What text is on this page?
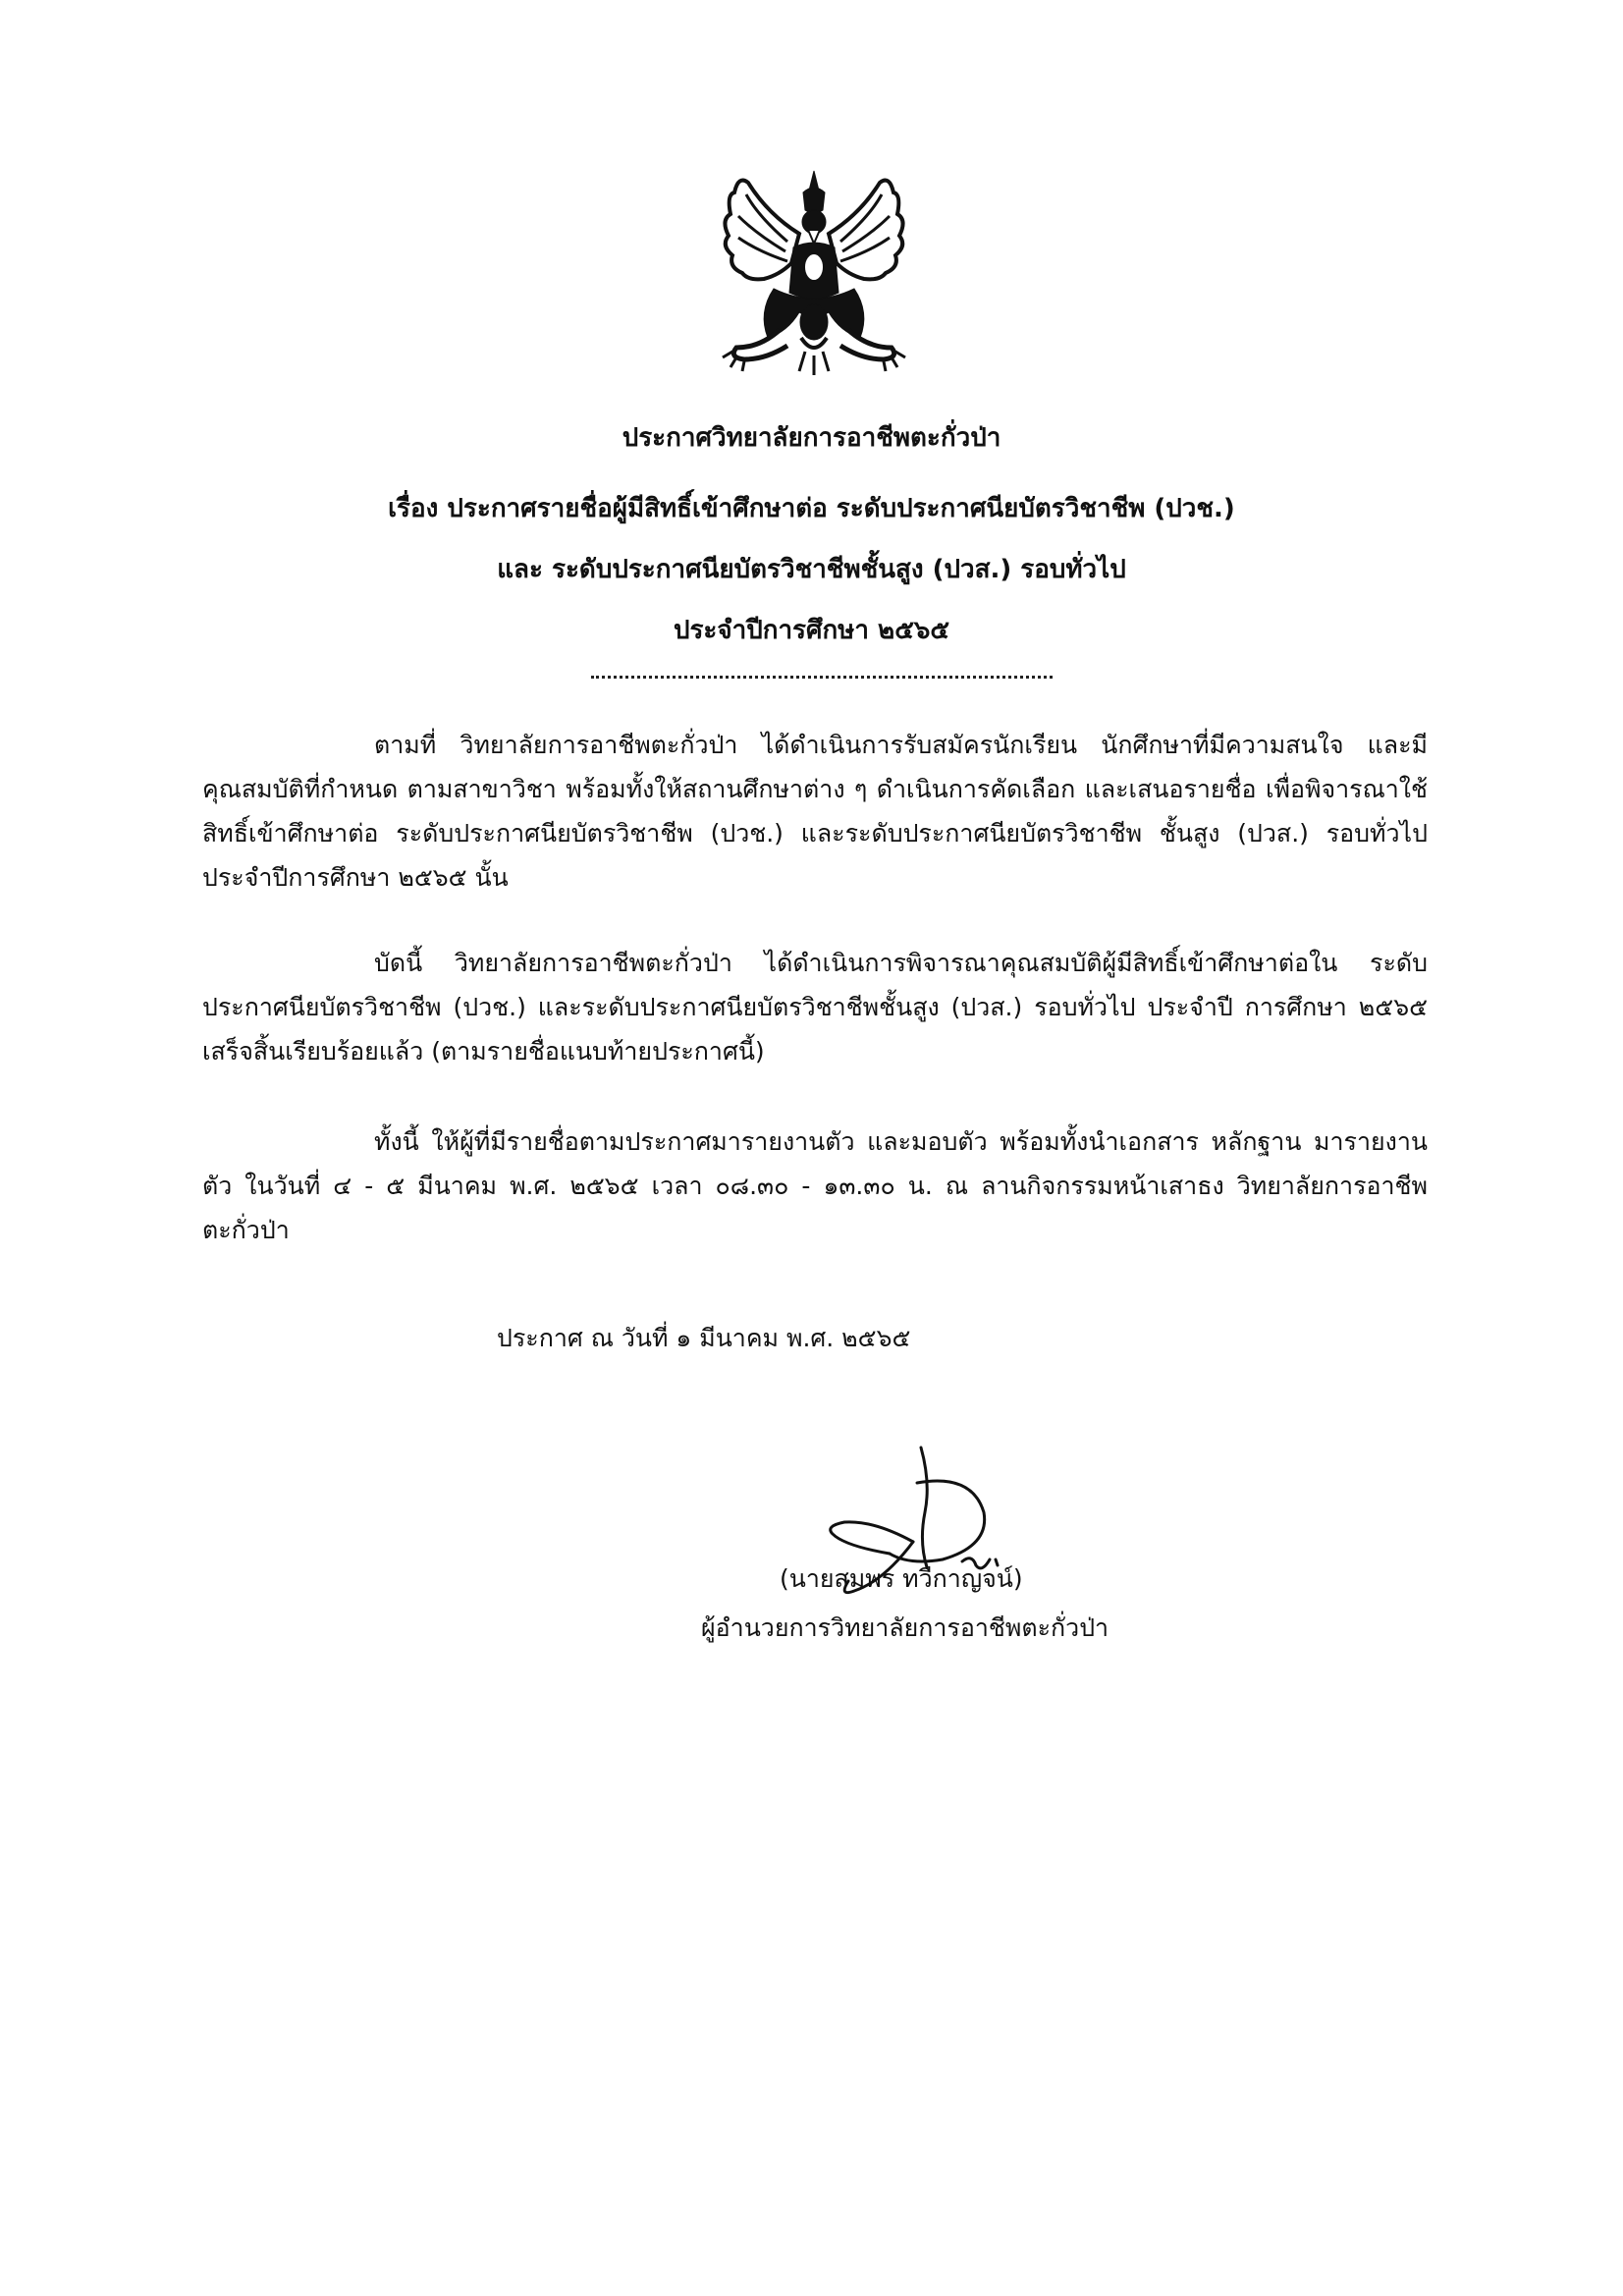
ประกาศวิทยาลัยการอาชีพตะกั่วป่า
เรื่อง ประกาศรายชื่อผู้มีสิทธิ์เข้าศึกษาต่อ ระดับประกาศนียบัตรวิชาชีพ (ปวช.)
และ ระดับประกาศนียบัตรวิชาชีพชั้นสูง (ปวส.) รอบทั่วไป
ประจำปีการศึกษา ๒๕๖๕
ตามที่ วิทยาลัยการอาชีพตะกั่วป่า ได้ดำเนินการรับสมัครนักเรียน นักศึกษาที่มีความสนใจ และมีคุณสมบัติที่กำหนด ตามสาขาวิชา พร้อมทั้งให้สถานศึกษาต่าง ๆ ดำเนินการคัดเลือก และเสนอรายชื่อ เพื่อพิจารณาใช้สิทธิ์เข้าศึกษาต่อ ระดับประกาศนียบัตรวิชาชีพ (ปวช.) และระดับประกาศนียบัตรวิชาชีพ ชั้นสูง (ปวส.) รอบทั่วไป ประจำปีการศึกษา ๒๕๖๕ นั้น
บัดนี้ วิทยาลัยการอาชีพตะกั่วป่า ได้ดำเนินการพิจารณาคุณสมบัติผู้มีสิทธิ์เข้าศึกษาต่อใน ระดับประกาศนียบัตรวิชาชีพ (ปวช.) และระดับประกาศนียบัตรวิชาชีพชั้นสูง (ปวส.) รอบทั่วไป ประจำปี การศึกษา ๒๕๖๕ เสร็จสิ้นเรียบร้อยแล้ว (ตามรายชื่อแนบท้ายประกาศนี้)
ทั้งนี้ ให้ผู้ที่มีรายชื่อตามประกาศมารายงานตัว และมอบตัว พร้อมทั้งนำเอกสาร หลักฐาน มารายงานตัว ในวันที่ ๔ - ๕ มีนาคม พ.ศ. ๒๕๖๕ เวลา ๐๘.๓๐ - ๑๓.๓๐ น. ณ ลานกิจกรรมหน้าเสาธง วิทยาลัยการอาชีพตะกั่วป่า
ประกาศ ณ วันที่ ๑ มีนาคม พ.ศ. ๒๕๖๕
(นายสมพร ทวีกาญจน์)
ผู้อำนวยการวิทยาลัยการอาชีพตะกั่วป่า
